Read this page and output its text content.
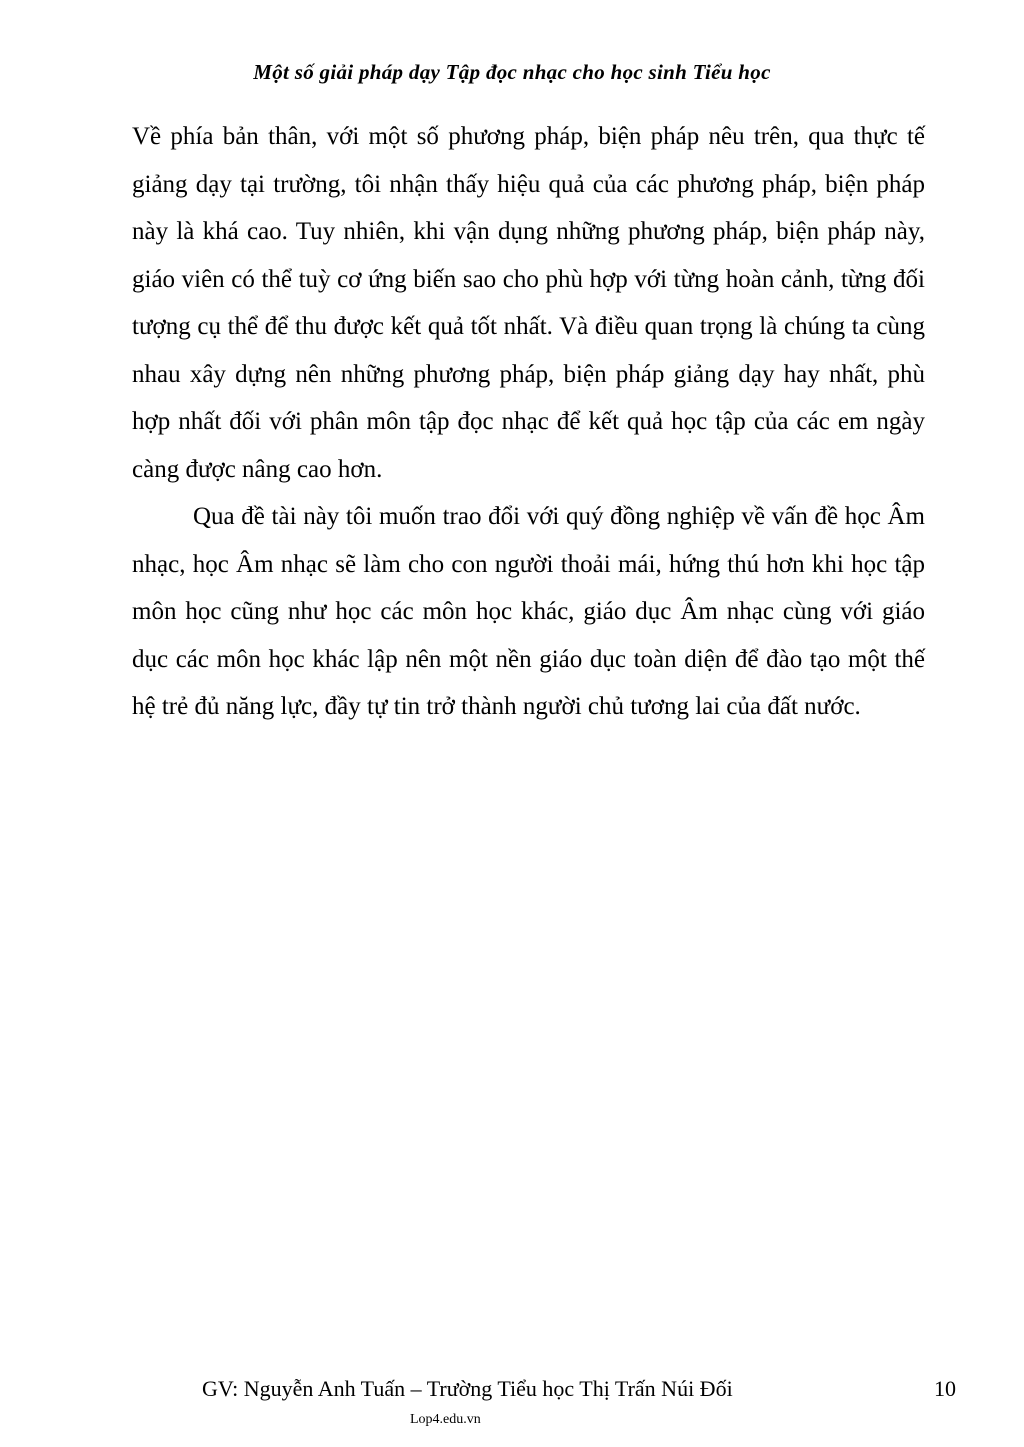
Một số giải pháp dạy Tập đọc nhạc cho học sinh Tiểu học

Về phía bản thân, với một số phương pháp, biện pháp nêu trên, qua thực tế giảng dạy tại trường, tôi nhận thấy hiệu quả của các phương pháp, biện pháp này là khá cao. Tuy nhiên, khi vận dụng những phương pháp, biện pháp này, giáo viên có thể tuỳ cơ ứng biến sao cho phù hợp với từng hoàn cảnh, từng đối tượng cụ thể để thu được kết quả tốt nhất. Và điều quan trọng là chúng ta cùng nhau xây dựng nên những phương pháp, biện pháp giảng dạy hay nhất, phù hợp nhất đối với phân môn tập đọc nhạc để kết quả học tập của các em ngày càng được nâng cao hơn.

Qua đề tài này tôi muốn trao đổi với quý đồng nghiệp về vấn đề học Âm nhạc, học Âm nhạc sẽ làm cho con người thoải mái, hứng thú hơn khi học tập môn học cũng như học các môn học khác, giáo dục Âm nhạc cùng với giáo dục các môn học khác lập nên một nền giáo dục toàn diện để đào tạo một thế hệ trẻ đủ năng lực, đầy tự tin trở thành người chủ tương lai của đất nước.

GV: Nguyễn Anh Tuấn – Trường Tiểu học Thị Trấn Núi Đối	10
Lop4.edu.vn
